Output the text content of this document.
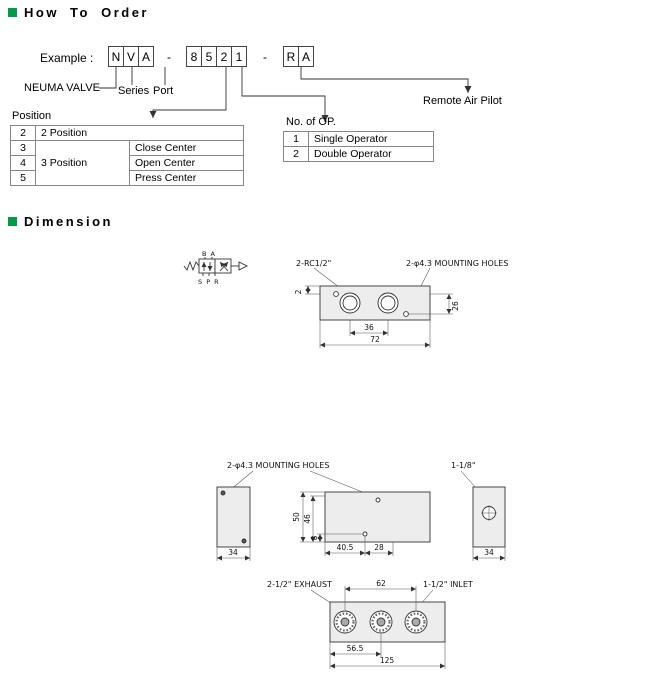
How To Order
Example :	N V A	-	8 5 2 1	-	R A
NEUMA VALVE Series Port
Remote Air Pilot
Position	No. of OP.
2	2 Position	
3	3 Position	Close Center
4		Open Center
5		Press Center
1	Single Operator
2	Double Operator
Dimension
B A
S P R
2-RC1/2"	2-φ4.3 MOUNTING HOLES
2
26
36
72
2-φ4.3 MOUNTING HOLES	1-1/8"
34
50 46
8
40.5	28
34
2-1/2" EXHAUST	1-1/2" INLET
62
56.5
125
